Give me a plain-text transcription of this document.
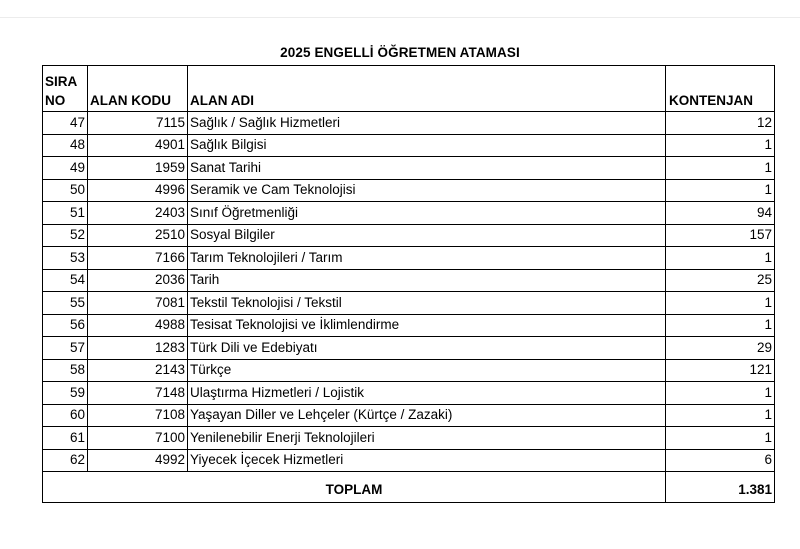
2025 ENGELLİ ÖĞRETMEN ATAMASI
SIRA
NO	ALAN KODU	ALAN ADI	KONTENJAN
47	7115	Sağlık / Sağlık Hizmetleri	12
48	4901	Sağlık Bilgisi	1
49	1959	Sanat Tarihi	1
50	4996	Seramik ve Cam Teknolojisi	1
51	2403	Sınıf Öğretmenliği	94
52	2510	Sosyal Bilgiler	157
53	7166	Tarım Teknolojileri / Tarım	1
54	2036	Tarih	25
55	7081	Tekstil Teknolojisi / Tekstil	1
56	4988	Tesisat Teknolojisi ve İklimlendirme	1
57	1283	Türk Dili ve Edebiyatı	29
58	2143	Türkçe	121
59	7148	Ulaştırma Hizmetleri / Lojistik	1
60	7108	Yaşayan Diller ve Lehçeler (Kürtçe / Zazaki)	1
61	7100	Yenilenebilir Enerji Teknolojileri	1
62	4992	Yiyecek İçecek Hizmetleri	6

TOPLAM			1.381
